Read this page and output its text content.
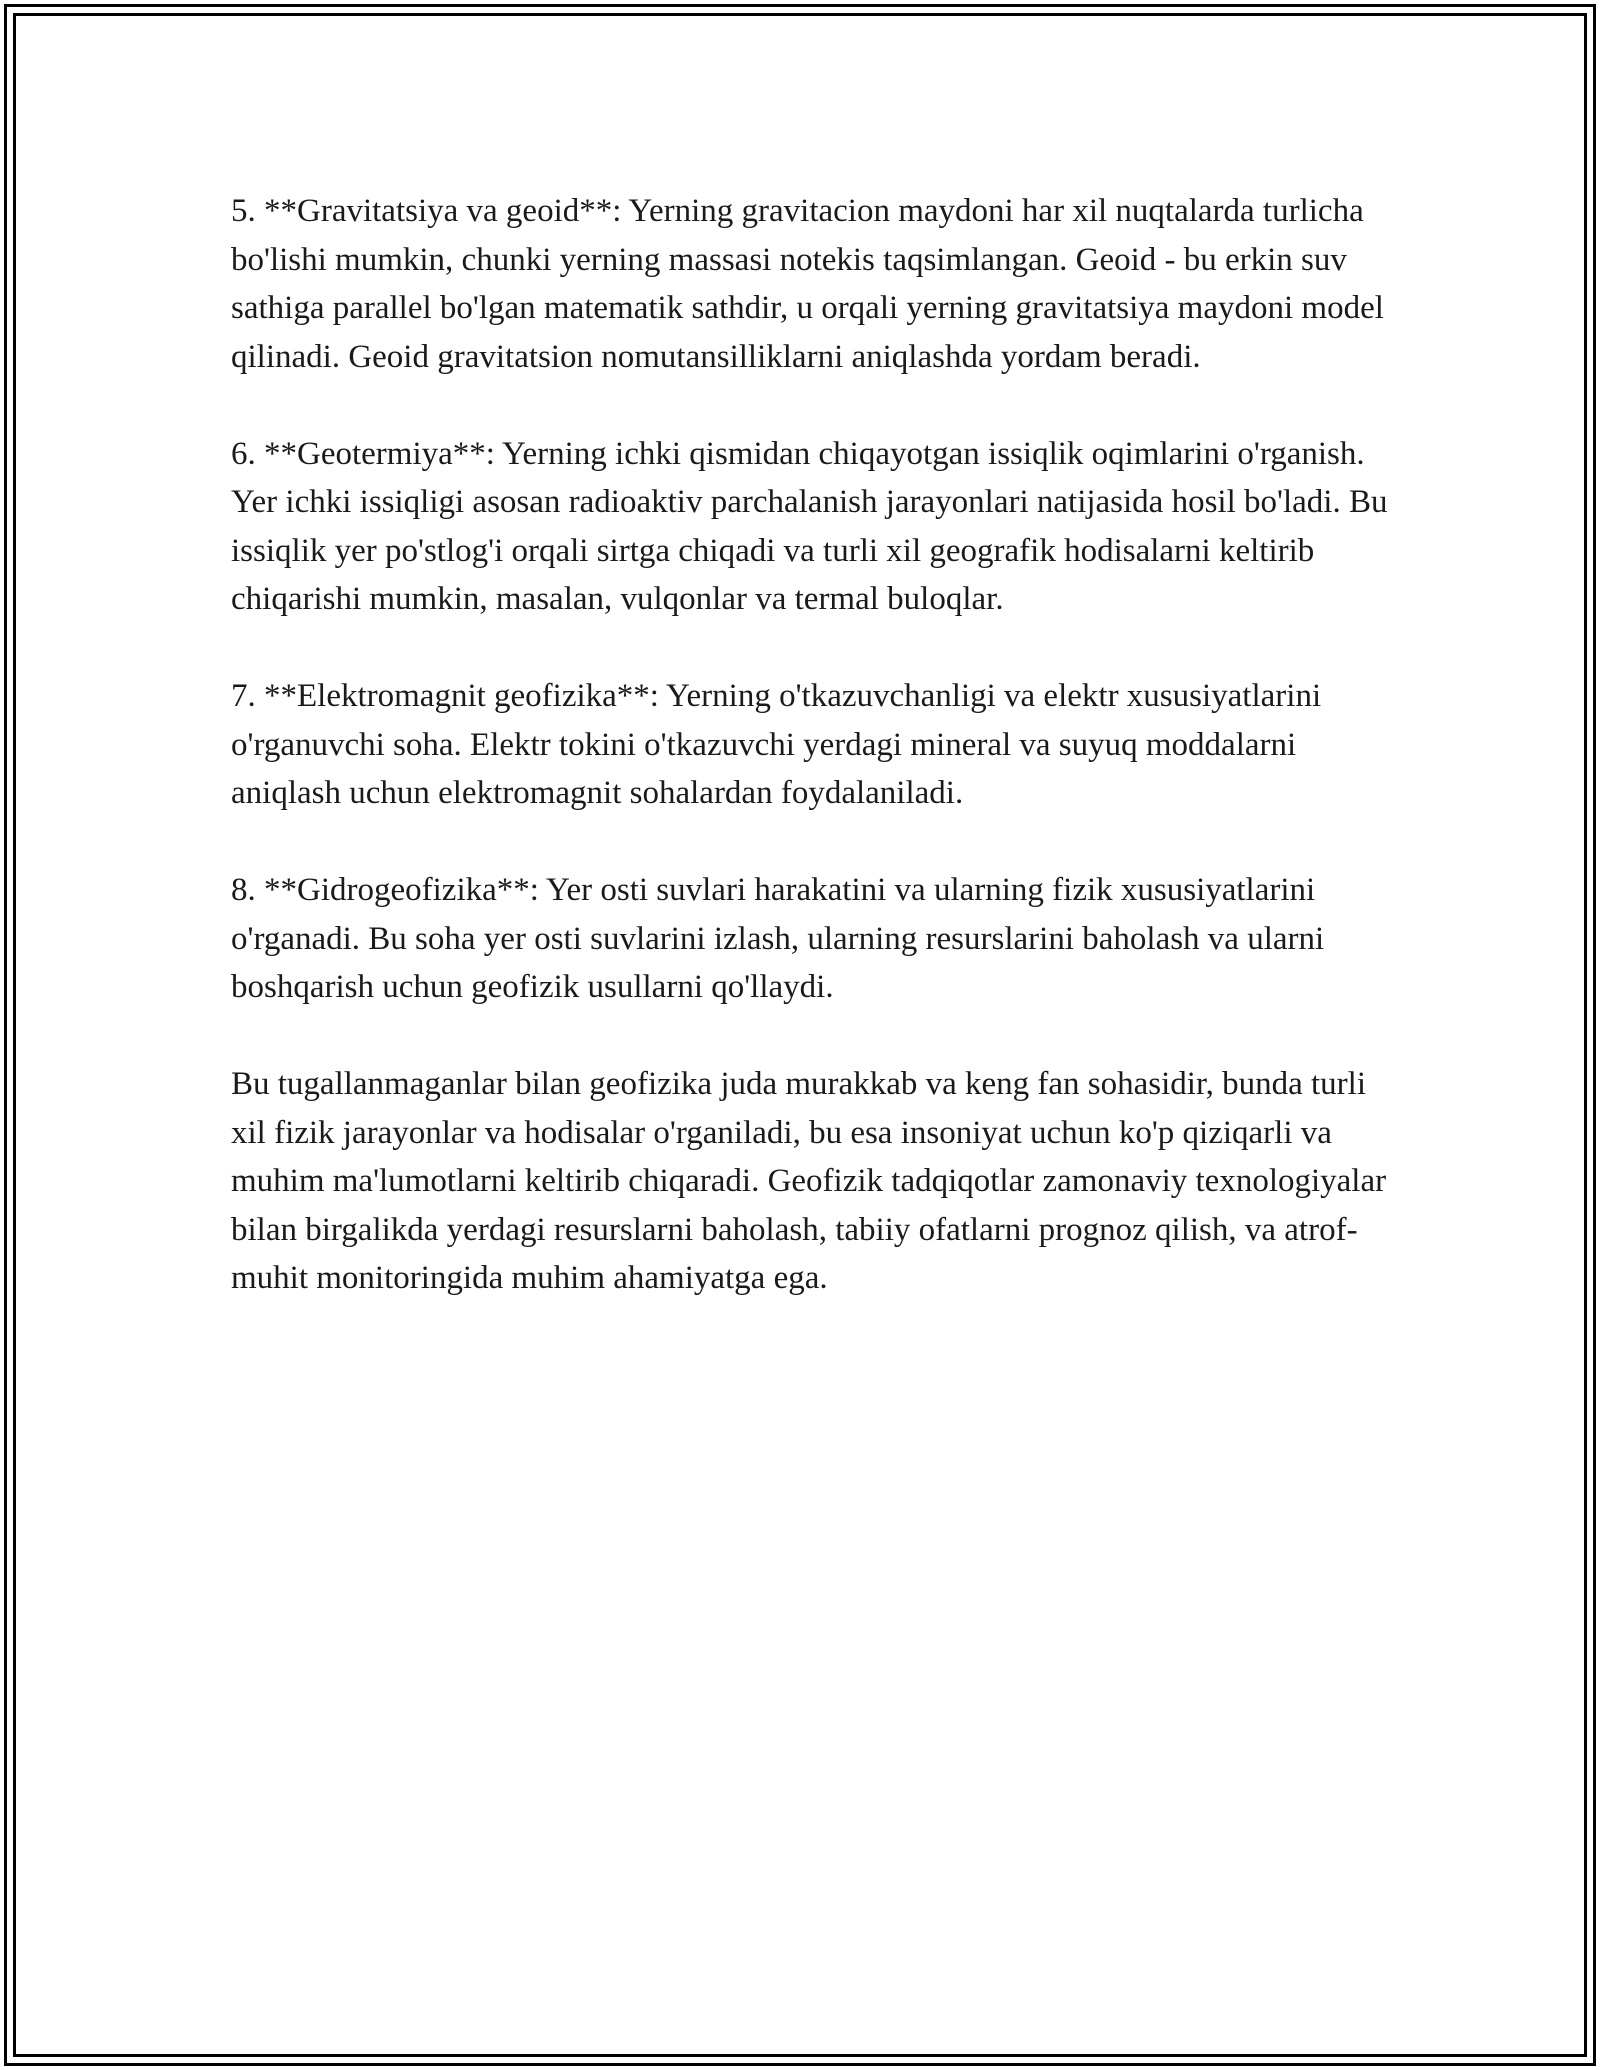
5. **Gravitatsiya va geoid**: Yerning gravitacion maydoni har xil nuqtalarda turlicha bo'lishi mumkin, chunki yerning massasi notekis taqsimlangan. Geoid - bu erkin suv sathiga parallel bo'lgan matematik sathdir, u orqali yerning gravitatsiya maydoni model qilinadi. Geoid gravitatsion nomutansilliklarni aniqlashda yordam beradi.

6. **Geotermiya**: Yerning ichki qismidan chiqayotgan issiqlik oqimlarini o'rganish. Yer ichki issiqligi asosan radioaktiv parchalanish jarayonlari natijasida hosil bo'ladi. Bu issiqlik yer po'stlog'i orqali sirtga chiqadi va turli xil geografik hodisalarni keltirib chiqarishi mumkin, masalan, vulqonlar va termal buloqlar.

7. **Elektromagnit geofizika**: Yerning o'tkazuvchanligi va elektr xususiyatlarini o'rganuvchi soha. Elektr tokini o'tkazuvchi yerdagi mineral va suyuq moddalarni aniqlash uchun elektromagnit sohalardan foydalaniladi.

8. **Gidrogeofizika**: Yer osti suvlari harakatini va ularning fizik xususiyatlarini o'rganadi. Bu soha yer osti suvlarini izlash, ularning resurslarini baholash va ularni boshqarish uchun geofizik usullarni qo'llaydi.

Bu tugallanmaganlar bilan geofizika juda murakkab va keng fan sohasidir, bunda turli xil fizik jarayonlar va hodisalar o'rganiladi, bu esa insoniyat uchun ko'p qiziqarli va muhim ma'lumotlarni keltirib chiqaradi. Geofizik tadqiqotlar zamonaviy texnologiyalar bilan birgalikda yerdagi resurslarni baholash, tabiiy ofatlarni prognoz qilish, va atrof-muhit monitoringida muhim ahamiyatga ega.
